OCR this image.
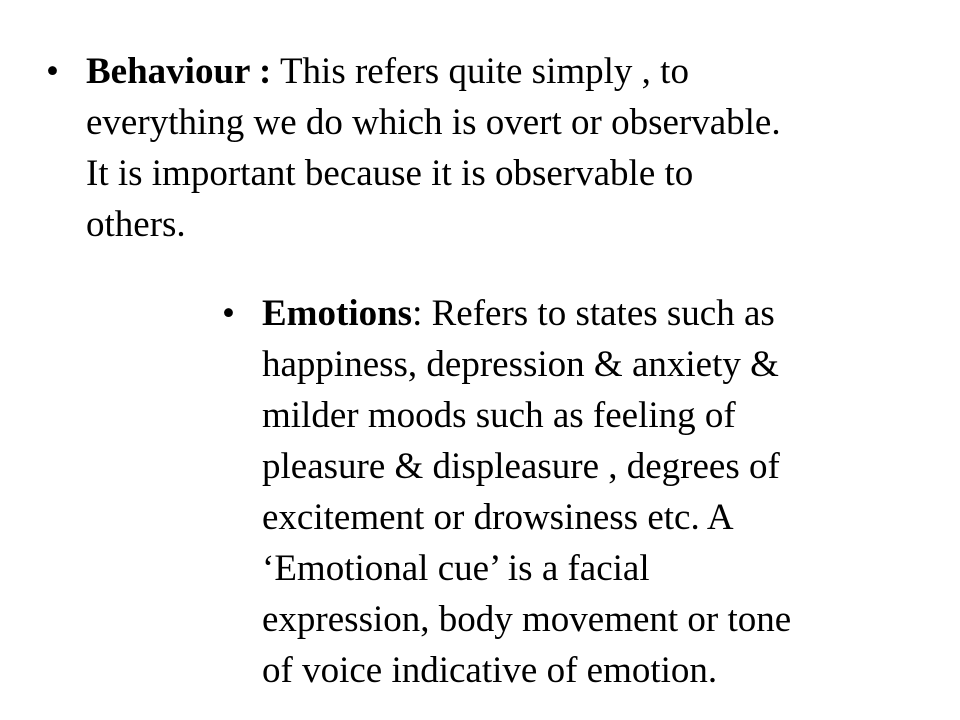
• Behaviour : This refers quite simply , to
everything we do which is overt or observable.
It is important because it is observable to
others.
• Emotions: Refers to states such as
happiness, depression & anxiety &
milder moods such as feeling of
pleasure & displeasure , degrees of
excitement or drowsiness etc. A
‘Emotional cue’ is a facial
expression, body movement or tone
of voice indicative of emotion.
